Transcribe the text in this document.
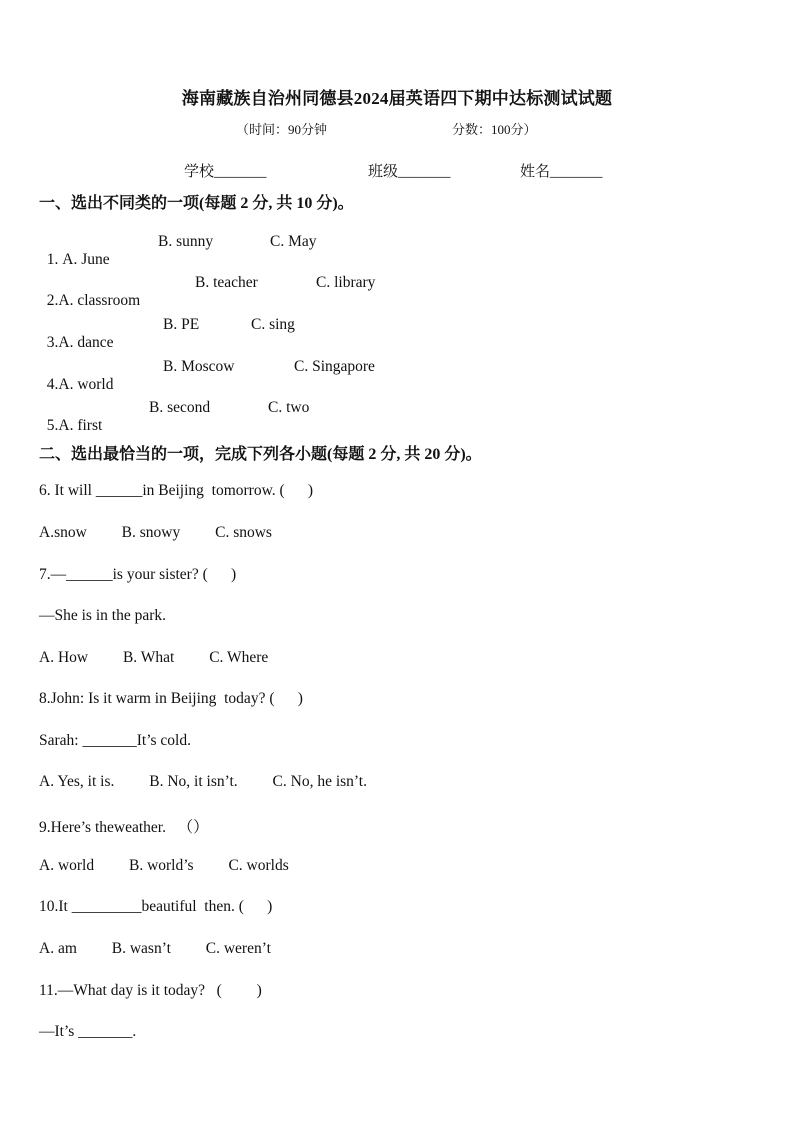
海南藏族自治州同德县2024届英语四下期中达标测试试题
（时间：90分钟	分数：100分）
学校_______	班级_______	姓名_______
一、选出不同类的一项(每题 2 分, 共 10 分)。

1. A. June

B. sunny	C. May

2.A. classroom

B. teacher	C. library

3.A. dance

B. PE	C. sing

4.A. world

B. Moscow	C. Singapore

5.A. first

B. second	C. two
二、选出最恰当的一项，完成下列各小题(每题 2 分, 共 20 分)。
6. It will ______in Beijing  tomorrow. (      )
A.snow         B. snowy         C. snows
7.—______is your sister? (      )
—She is in the park.
A. How         B. What         C. Where
8.John: Is it warm in Beijing  today? (      )
Sarah: _______It’s cold.
A. Yes, it is.         B. No, it isn’t.         C. No, he isn’t.
9.Here’s theweather.   （）
A. world         B. world’s         C. worlds
10.It _________beautiful  then. (      )
A. am         B. wasn’t         C. weren’t
11.—What day is it today?   (         )
—It’s _______.
